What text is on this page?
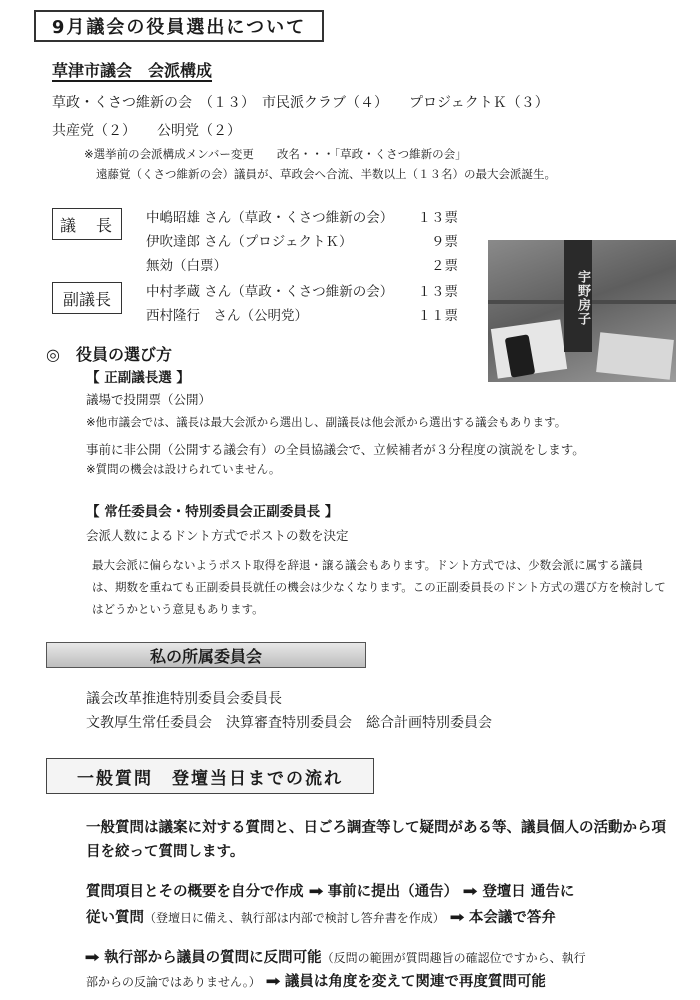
9月議会の役員選出について
草津市議会　会派構成
草政・くさつ維新の会　（１３）　市民派クラブ（４）　　プロジェクトＫ（３）
共産党（２）　　公明党（２）
※選挙前の会派構成メンバー変更　　改名・・・「草政・くさつ維新の会」
遠藤覚（くさつ維新の会）議員が、草政会へ合流、半数以上（１３名）の最大会派誕生。
議　長	中嶋昭雄 さん（草政・くさつ維新の会）	１３票
伊吹達郎 さん（プロジェクトＫ）	９票
無効（白票）	２票
副議長	中村孝蔵 さん（草政・くさつ維新の会）	１３票
西村隆行　さん（公明党）	１１票	宇野房子
◎　役員の選び方
【 正副議長選 】
議場で投開票（公開）
※他市議会では、議長は最大会派から選出し、副議長は他会派から選出する議会もあります。
事前に非公開（公開する議会有）の全員協議会で、立候補者が３分程度の演説をします。
※質問の機会は設けられていません。
【 常任委員会・特別委員会正副委員長 】
会派人数によるドント方式でポストの数を決定
最大会派に偏らないようポスト取得を辞退・譲る議会もあります。ドント方式では、少数会派に属する議員は、期数を重ねても正副委員長就任の機会は少なくなります。この正副委員長のドント方式の選び方を検討してはどうかという意見もあります。
私の所属委員会
議会改革推進特別委員会委員長
文教厚生常任委員会　決算審査特別委員会　総合計画特別委員会
一般質問　登壇当日までの流れ
一般質問は議案に対する質問と、日ごろ調査等して疑問がある等、議員個人の活動から項目を絞って質問します。
質問項目とその概要を自分で作成 ➡ 事前に提出（通告） ➡ 登壇日 通告に
従い質問（登壇日に備え、執行部は内部で検討し答弁書を作成） ➡ 本会議で答弁
➡ 執行部から議員の質問に反問可能（反問の範囲が質問趣旨の確認位ですから、執行
部からの反論ではありません。） ➡ 議員は角度を変えて関連で再度質問可能
